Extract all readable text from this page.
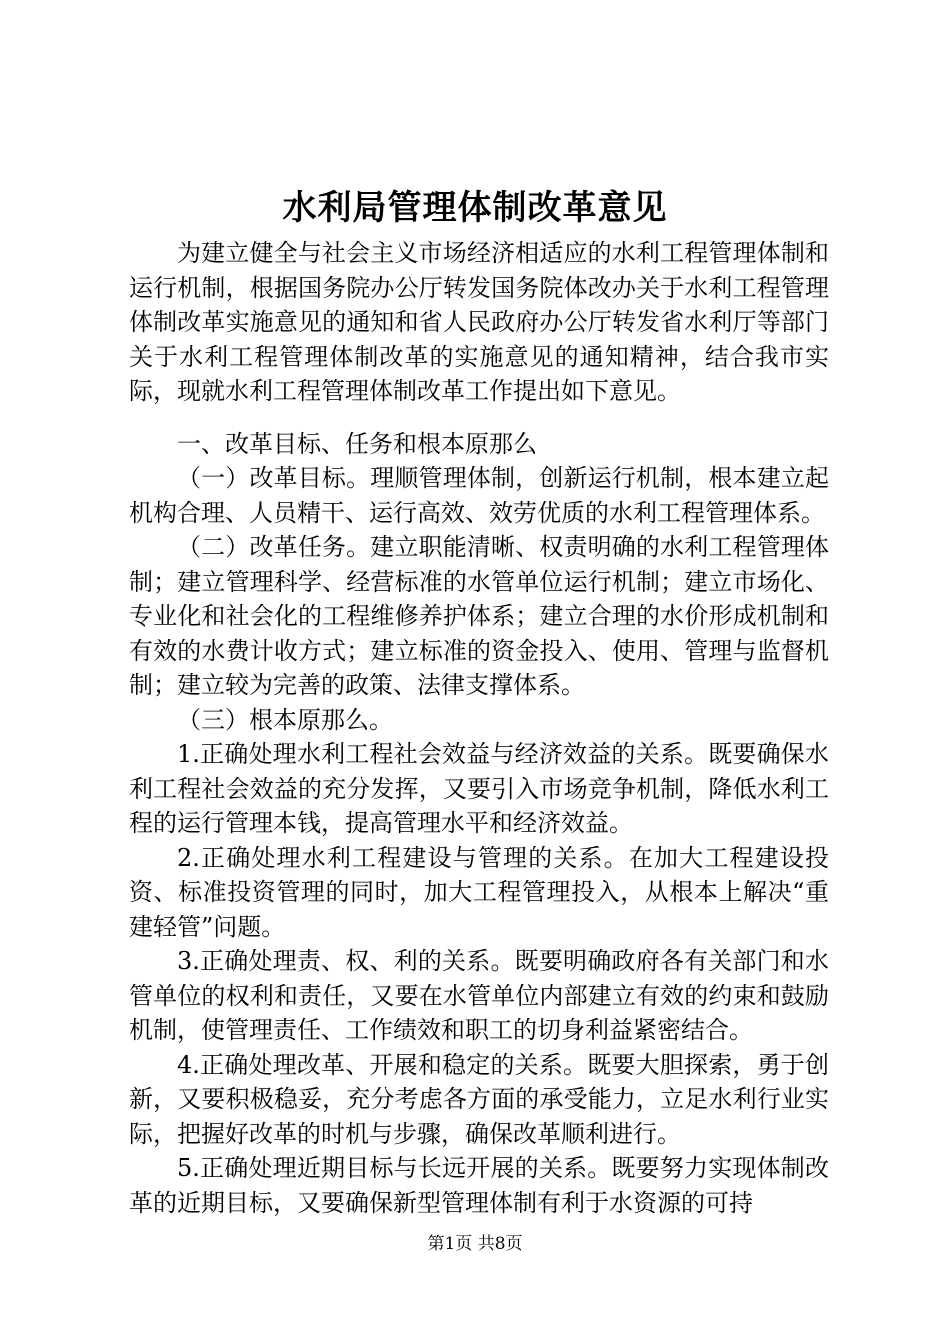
水利局管理体制改革意见

为建立健全与社会主义市场经济相适应的水利工程管理体制和运行机制，根据国务院办公厅转发国务院体改办关于水利工程管理体制改革实施意见的通知和省人民政府办公厅转发省水利厅等部门关于水利工程管理体制改革的实施意见的通知精神，结合我市实际，现就水利工程管理体制改革工作提出如下意见。

一、改革目标、任务和根本原那么

（一）改革目标。理顺管理体制，创新运行机制，根本建立起机构合理、人员精干、运行高效、效劳优质的水利工程管理体系。

（二）改革任务。建立职能清晰、权责明确的水利工程管理体制；建立管理科学、经营标准的水管单位运行机制；建立市场化、专业化和社会化的工程维修养护体系；建立合理的水价形成机制和有效的水费计收方式；建立标准的资金投入、使用、管理与监督机制；建立较为完善的政策、法律支撑体系。

（三）根本原那么。

1.正确处理水利工程社会效益与经济效益的关系。既要确保水利工程社会效益的充分发挥，又要引入市场竞争机制，降低水利工程的运行管理本钱，提高管理水平和经济效益。

2.正确处理水利工程建设与管理的关系。在加大工程建设投资、标准投资管理的同时，加大工程管理投入，从根本上解决“重建轻管”问题。

3.正确处理责、权、利的关系。既要明确政府各有关部门和水管单位的权利和责任，又要在水管单位内部建立有效的约束和鼓励机制，使管理责任、工作绩效和职工的切身利益紧密结合。

4.正确处理改革、开展和稳定的关系。既要大胆探索，勇于创新，又要积极稳妥，充分考虑各方面的承受能力，立足水利行业实际，把握好改革的时机与步骤，确保改革顺利进行。

5.正确处理近期目标与长远开展的关系。既要努力实现体制改革的近期目标，又要确保新型管理体制有利于水资源的可持

第1页 共8页
